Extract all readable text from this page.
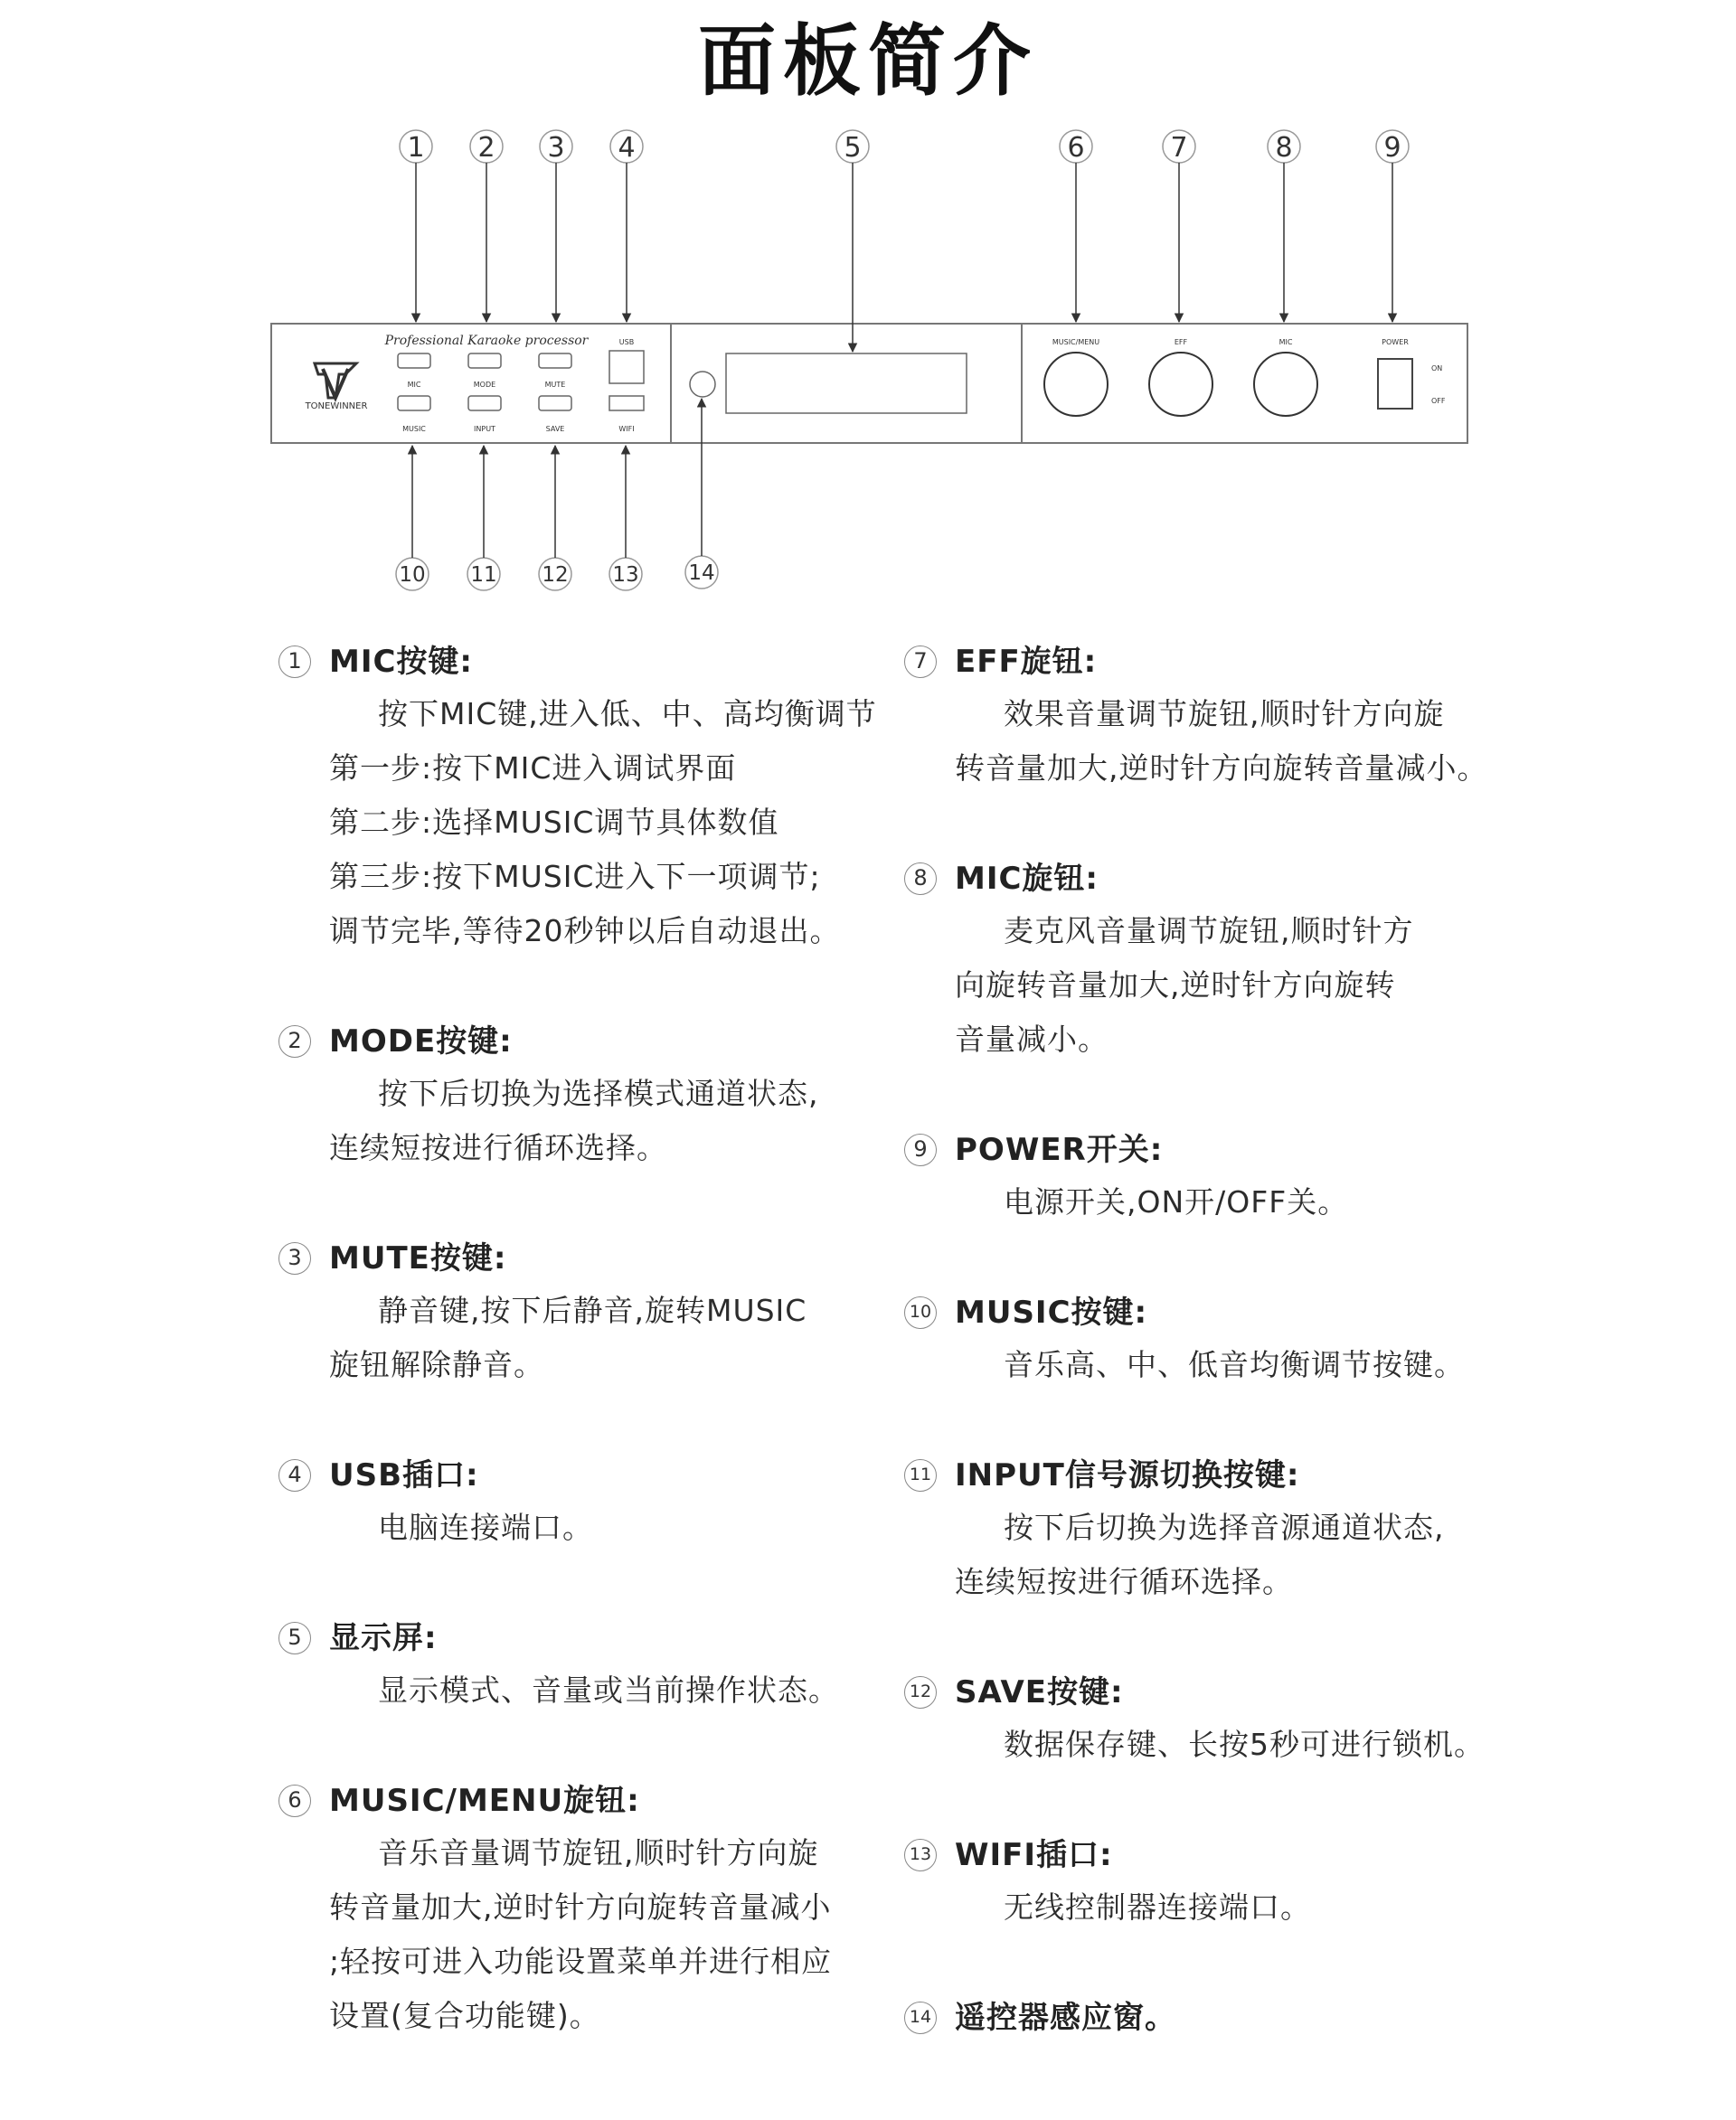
面板简介
TONEWINNER
Professional Karaoke processor
MIC	MODE	MUTE
MUSIC	INPUT	SAVE
USB
WIFI
MUSIC/MENU	EFF	MIC	POWER
ON
OFF
1 2 3 4	5	6	7	8	9
10 11 12 13 14
1 MIC按键:
按下MIC键,进入低、中、高均衡调节
第一步:按下MIC进入调试界面
第二步:选择MUSIC调节具体数值
第三步:按下MUSIC进入下一项调节;
调节完毕,等待20秒钟以后自动退出。
2 MODE按键:
按下后切换为选择模式通道状态,
连续短按进行循环选择。
3 MUTE按键:
静音键,按下后静音,旋转MUSIC
旋钮解除静音。
4 USB插口:
电脑连接端口。
5 显示屏:
显示模式、音量或当前操作状态。
6 MUSIC/MENU旋钮:
音乐音量调节旋钮,顺时针方向旋
转音量加大,逆时针方向旋转音量减小
;轻按可进入功能设置菜单并进行相应
设置(复合功能键)。
7 EFF旋钮:
效果音量调节旋钮,顺时针方向旋
转音量加大,逆时针方向旋转音量减小。
8 MIC旋钮:
麦克风音量调节旋钮,顺时针方
向旋转音量加大,逆时针方向旋转
音量减小。
9 POWER开关:
电源开关,ON开/OFF关。
10 MUSIC按键:
音乐高、中、低音均衡调节按键。
11 INPUT信号源切换按键:
按下后切换为选择音源通道状态,
连续短按进行循环选择。
12 SAVE按键:
数据保存键、长按5秒可进行锁机。
13 WIFI插口:
无线控制器连接端口。
14 遥控器感应窗。
